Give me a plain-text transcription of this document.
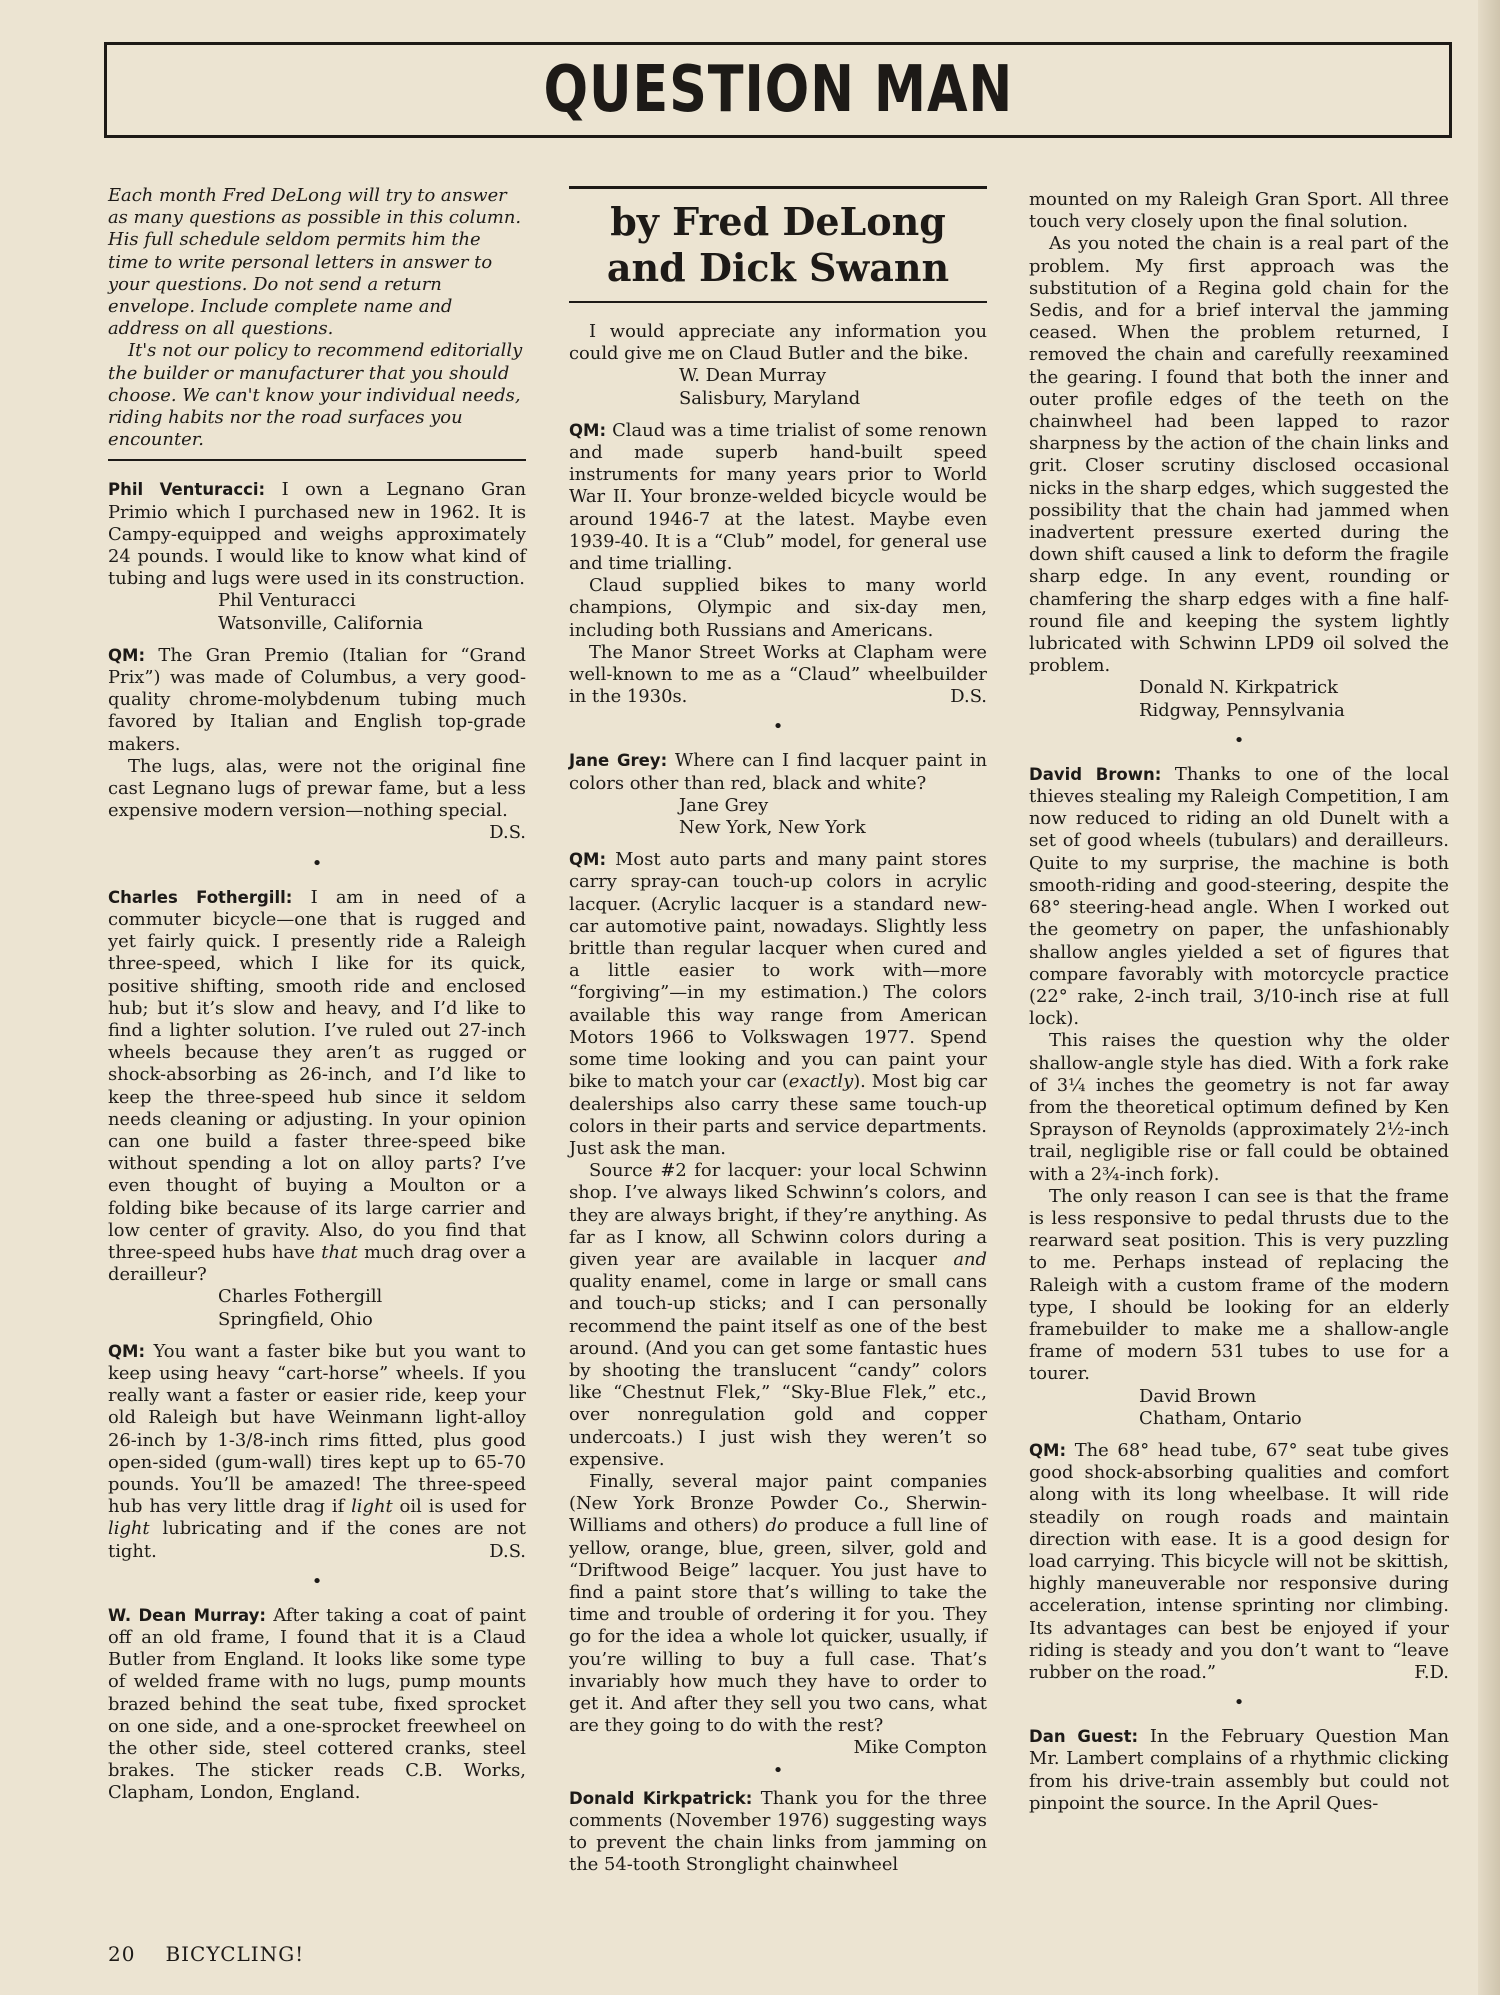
QUESTION MAN

Each month Fred DeLong will try to answer as many questions as possible in this column. His full schedule seldom permits him the time to write personal letters in answer to your questions. Do not send a return envelope. Include complete name and address on all questions.

It's not our policy to recommend editorially the builder or manufacturer that you should choose. We can't know your individual needs, riding habits nor the road surfaces you encounter.

Phil Venturacci: I own a Legnano Gran Primio which I purchased new in 1962. It is Campy-equipped and weighs approximately 24 pounds. I would like to know what kind of tubing and lugs were used in its construction.

Phil Venturacci
Watsonville, California

QM: The Gran Premio (Italian for “Grand Prix”) was made of Columbus, a very good-quality chrome-molybdenum tubing much favored by Italian and English top-grade makers.

The lugs, alas, were not the original fine cast Legnano lugs of prewar fame, but a less expensive modern version—nothing special.
D.S.

•

Charles Fothergill: I am in need of a commuter bicycle—one that is rugged and yet fairly quick. I presently ride a Raleigh three-speed, which I like for its quick, positive shifting, smooth ride and enclosed hub; but it’s slow and heavy, and I’d like to find a lighter solution. I’ve ruled out 27-inch wheels because they aren’t as rugged or shock-absorbing as 26-inch, and I’d like to keep the three-speed hub since it seldom needs cleaning or adjusting. In your opinion can one build a faster three-speed bike without spending a lot on alloy parts? I’ve even thought of buying a Moulton or a folding bike because of its large carrier and low center of gravity. Also, do you find that three-speed hubs have that much drag over a derailleur?

Charles Fothergill
Springfield, Ohio

QM: You want a faster bike but you want to keep using heavy “cart-horse” wheels. If you really want a faster or easier ride, keep your old Raleigh but have Weinmann light-alloy 26-inch by 1-3/8-inch rims fitted, plus good open-sided (gum-wall) tires kept up to 65-70 pounds. You’ll be amazed! The three-speed hub has very little drag if light oil is used for light lubricating and if the cones are not tight.	D.S.

•

W. Dean Murray: After taking a coat of paint off an old frame, I found that it is a Claud Butler from England. It looks like some type of welded frame with no lugs, pump mounts brazed behind the seat tube, fixed sprocket on one side, and a one-sprocket freewheel on the other side, steel cottered cranks, steel brakes. The sticker reads C.B. Works, Clapham, London, England.

by Fred DeLong
and Dick Swann

I would appreciate any information you could give me on Claud Butler and the bike.

W. Dean Murray
Salisbury, Maryland

QM: Claud was a time trialist of some renown and made superb hand-built speed instruments for many years prior to World War II. Your bronze-welded bicycle would be around 1946-7 at the latest. Maybe even 1939-40. It is a “Club” model, for general use and time trialling.

Claud supplied bikes to many world champions, Olympic and six-day men, including both Russians and Americans.

The Manor Street Works at Clapham were well-known to me as a “Claud” wheelbuilder in the 1930s.	D.S.

•

Jane Grey: Where can I find lacquer paint in colors other than red, black and white?

Jane Grey
New York, New York

QM: Most auto parts and many paint stores carry spray-can touch-up colors in acrylic lacquer. (Acrylic lacquer is a standard new-car automotive paint, nowadays. Slightly less brittle than regular lacquer when cured and a little easier to work with—more “forgiving”—in my estimation.) The colors available this way range from American Motors 1966 to Volkswagen 1977. Spend some time looking and you can paint your bike to match your car (exactly). Most big car dealerships also carry these same touch-up colors in their parts and service departments. Just ask the man.

Source #2 for lacquer: your local Schwinn shop. I’ve always liked Schwinn’s colors, and they are always bright, if they’re anything. As far as I know, all Schwinn colors during a given year are available in lacquer and quality enamel, come in large or small cans and touch-up sticks; and I can personally recommend the paint itself as one of the best around. (And you can get some fantastic hues by shooting the translucent “candy” colors like “Chestnut Flek,” “Sky-Blue Flek,” etc., over nonregulation gold and copper undercoats.) I just wish they weren’t so expensive.

Finally, several major paint companies (New York Bronze Powder Co., Sherwin-Williams and others) do produce a full line of yellow, orange, blue, green, silver, gold and “Driftwood Beige” lacquer. You just have to find a paint store that’s willing to take the time and trouble of ordering it for you. They go for the idea a whole lot quicker, usually, if you’re willing to buy a full case. That’s invariably how much they have to order to get it. And after they sell you two cans, what are they going to do with the rest?
Mike Compton

•

Donald Kirkpatrick: Thank you for the three comments (November 1976) suggesting ways to prevent the chain links from jamming on the 54-tooth Stronglight chainwheel

mounted on my Raleigh Gran Sport. All three touch very closely upon the final solution.

As you noted the chain is a real part of the problem. My first approach was the substitution of a Regina gold chain for the Sedis, and for a brief interval the jamming ceased. When the problem returned, I removed the chain and carefully reexamined the gearing. I found that both the inner and outer profile edges of the teeth on the chainwheel had been lapped to razor sharpness by the action of the chain links and grit. Closer scrutiny disclosed occasional nicks in the sharp edges, which suggested the possibility that the chain had jammed when inadvertent pressure exerted during the down shift caused a link to deform the fragile sharp edge. In any event, rounding or chamfering the sharp edges with a fine half-round file and keeping the system lightly lubricated with Schwinn LPD9 oil solved the problem.

Donald N. Kirkpatrick
Ridgway, Pennsylvania

•

David Brown: Thanks to one of the local thieves stealing my Raleigh Competition, I am now reduced to riding an old Dunelt with a set of good wheels (tubulars) and derailleurs. Quite to my surprise, the machine is both smooth-riding and good-steering, despite the 68° steering-head angle. When I worked out the geometry on paper, the unfashionably shallow angles yielded a set of figures that compare favorably with motorcycle practice (22° rake, 2-inch trail, 3/10-inch rise at full lock).

This raises the question why the older shallow-angle style has died. With a fork rake of 3¼ inches the geometry is not far away from the theoretical optimum defined by Ken Sprayson of Reynolds (approximately 2½-inch trail, negligible rise or fall could be obtained with a 2¾-inch fork).

The only reason I can see is that the frame is less responsive to pedal thrusts due to the rearward seat position. This is very puzzling to me. Perhaps instead of replacing the Raleigh with a custom frame of the modern type, I should be looking for an elderly framebuilder to make me a shallow-angle frame of modern 531 tubes to use for a tourer.

David Brown
Chatham, Ontario

QM: The 68° head tube, 67° seat tube gives good shock-absorbing qualities and comfort along with its long wheelbase. It will ride steadily on rough roads and maintain direction with ease. It is a good design for load carrying. This bicycle will not be skittish, highly maneuverable nor responsive during acceleration, intense sprinting nor climbing. Its advantages can best be enjoyed if your riding is steady and you don’t want to “leave rubber on the road.”	F.D.

•

Dan Guest: In the February Question Man Mr. Lambert complains of a rhythmic clicking from his drive-train assembly but could not pinpoint the source. In the April Ques-

20 BICYCLING!
